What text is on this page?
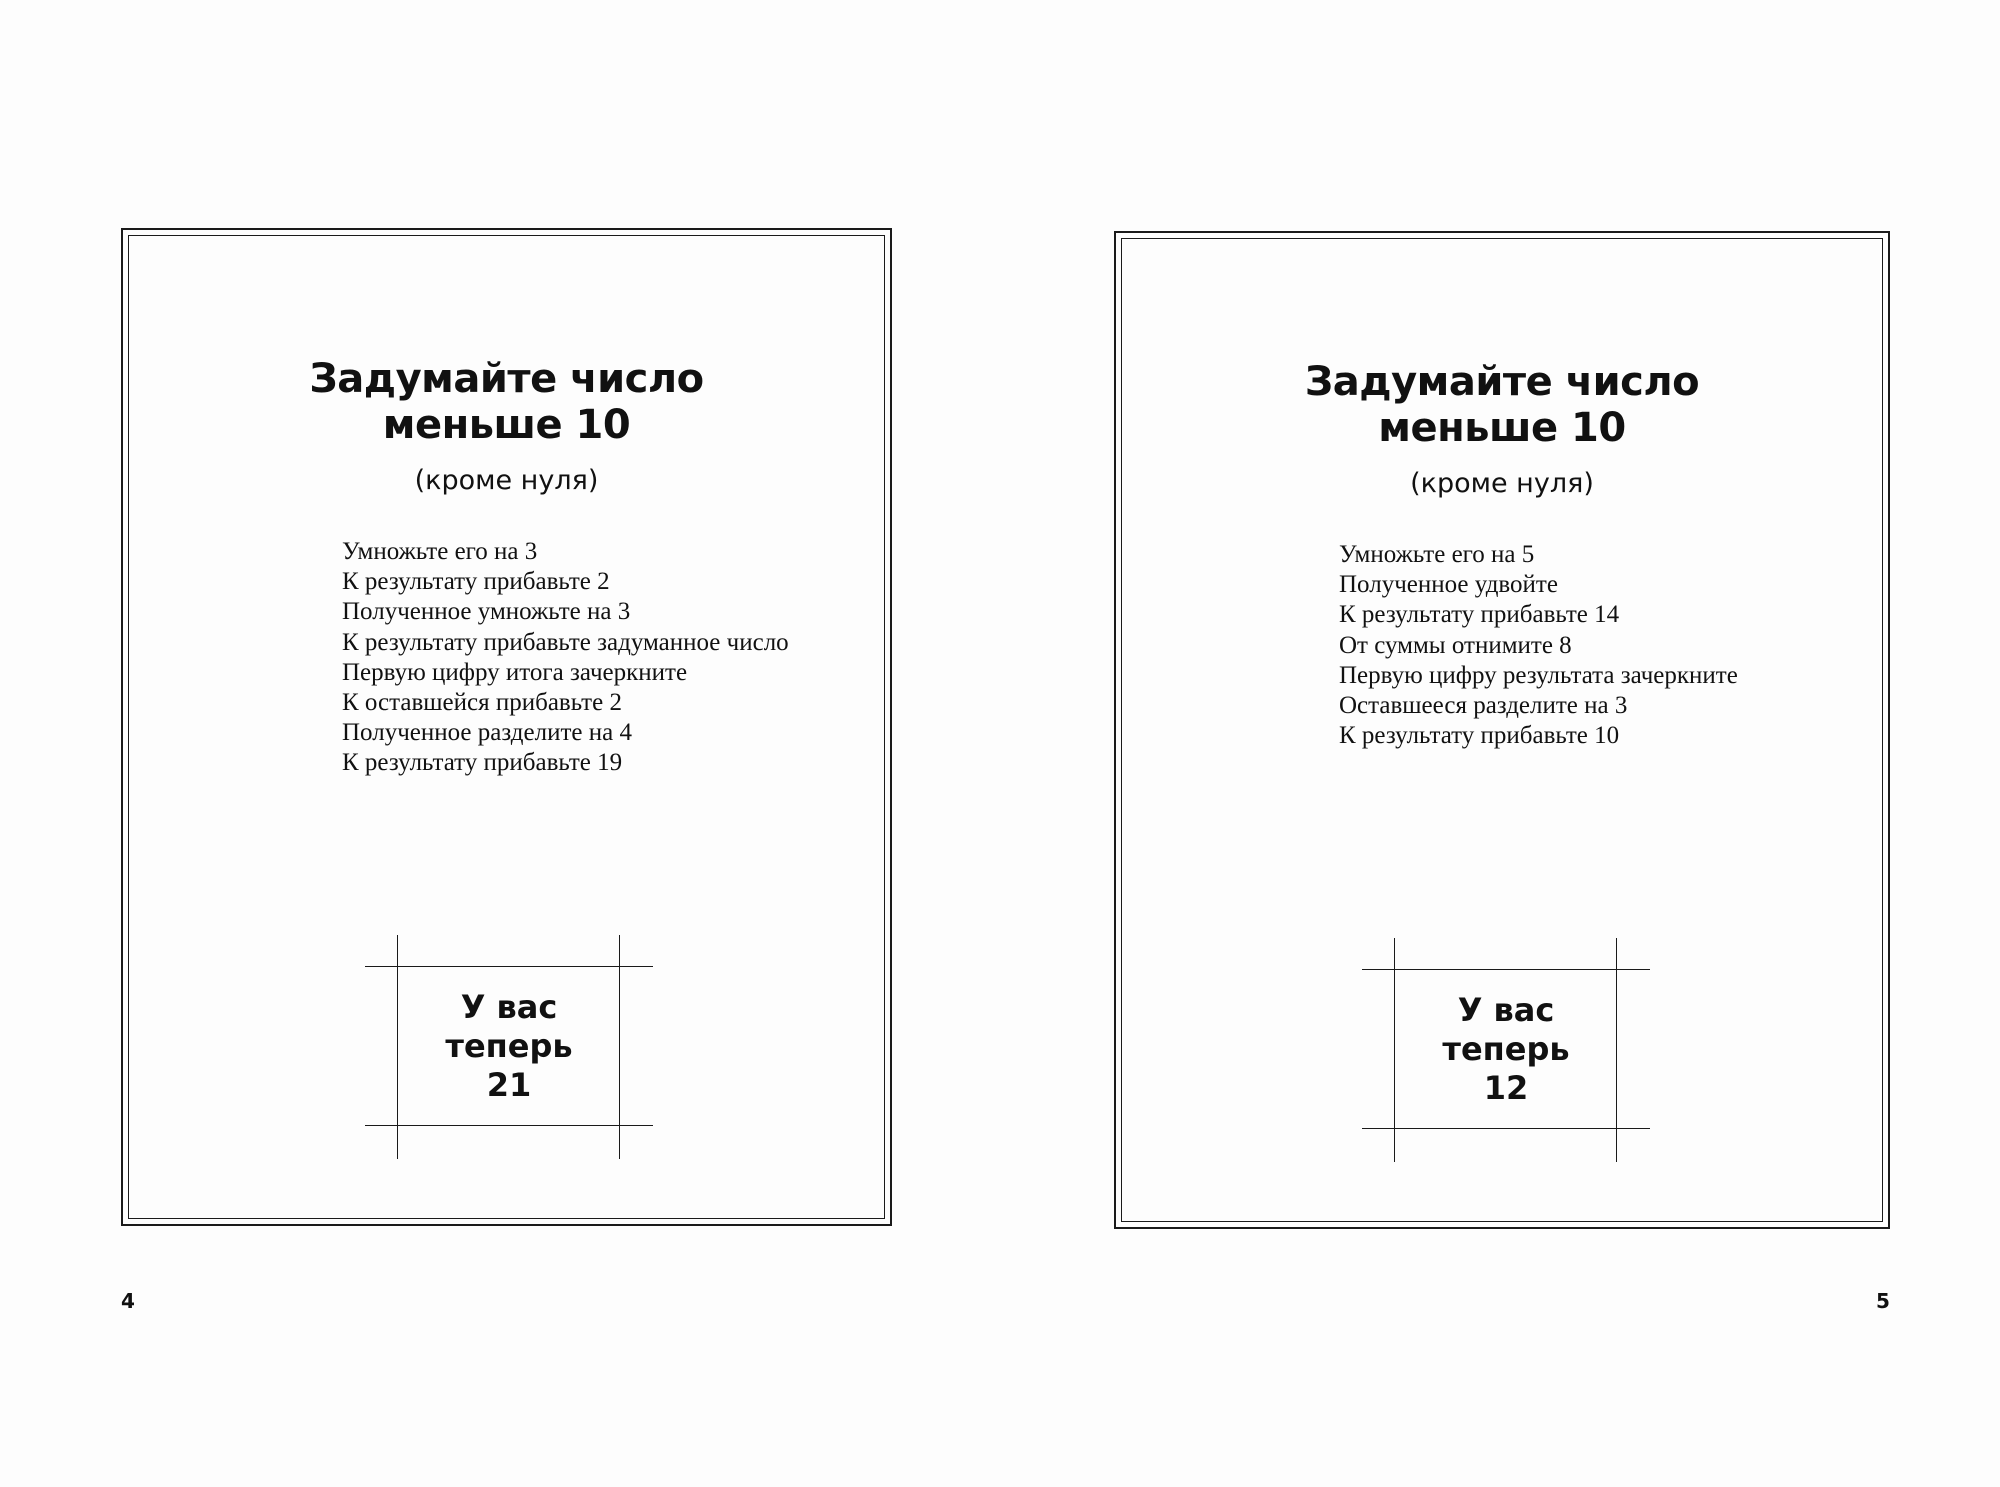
Задумайте число
меньше 10
(кроме нуля)
Умножьте его на 3
К результату прибавьте 2
Полученное умножьте на 3
К результату прибавьте задуманное число
Первую цифру итога зачеркните
К оставшейся прибавьте 2
Полученное разделите на 4
К результату прибавьте 19
У вас
теперь
21
4
Задумайте число
меньше 10
(кроме нуля)
Умножьте его на 5
Полученное удвойте
К результату прибавьте 14
От суммы отнимите 8
Первую цифру результата зачеркните
Оставшееся разделите на 3
К результату прибавьте 10
У вас
теперь
12
5
